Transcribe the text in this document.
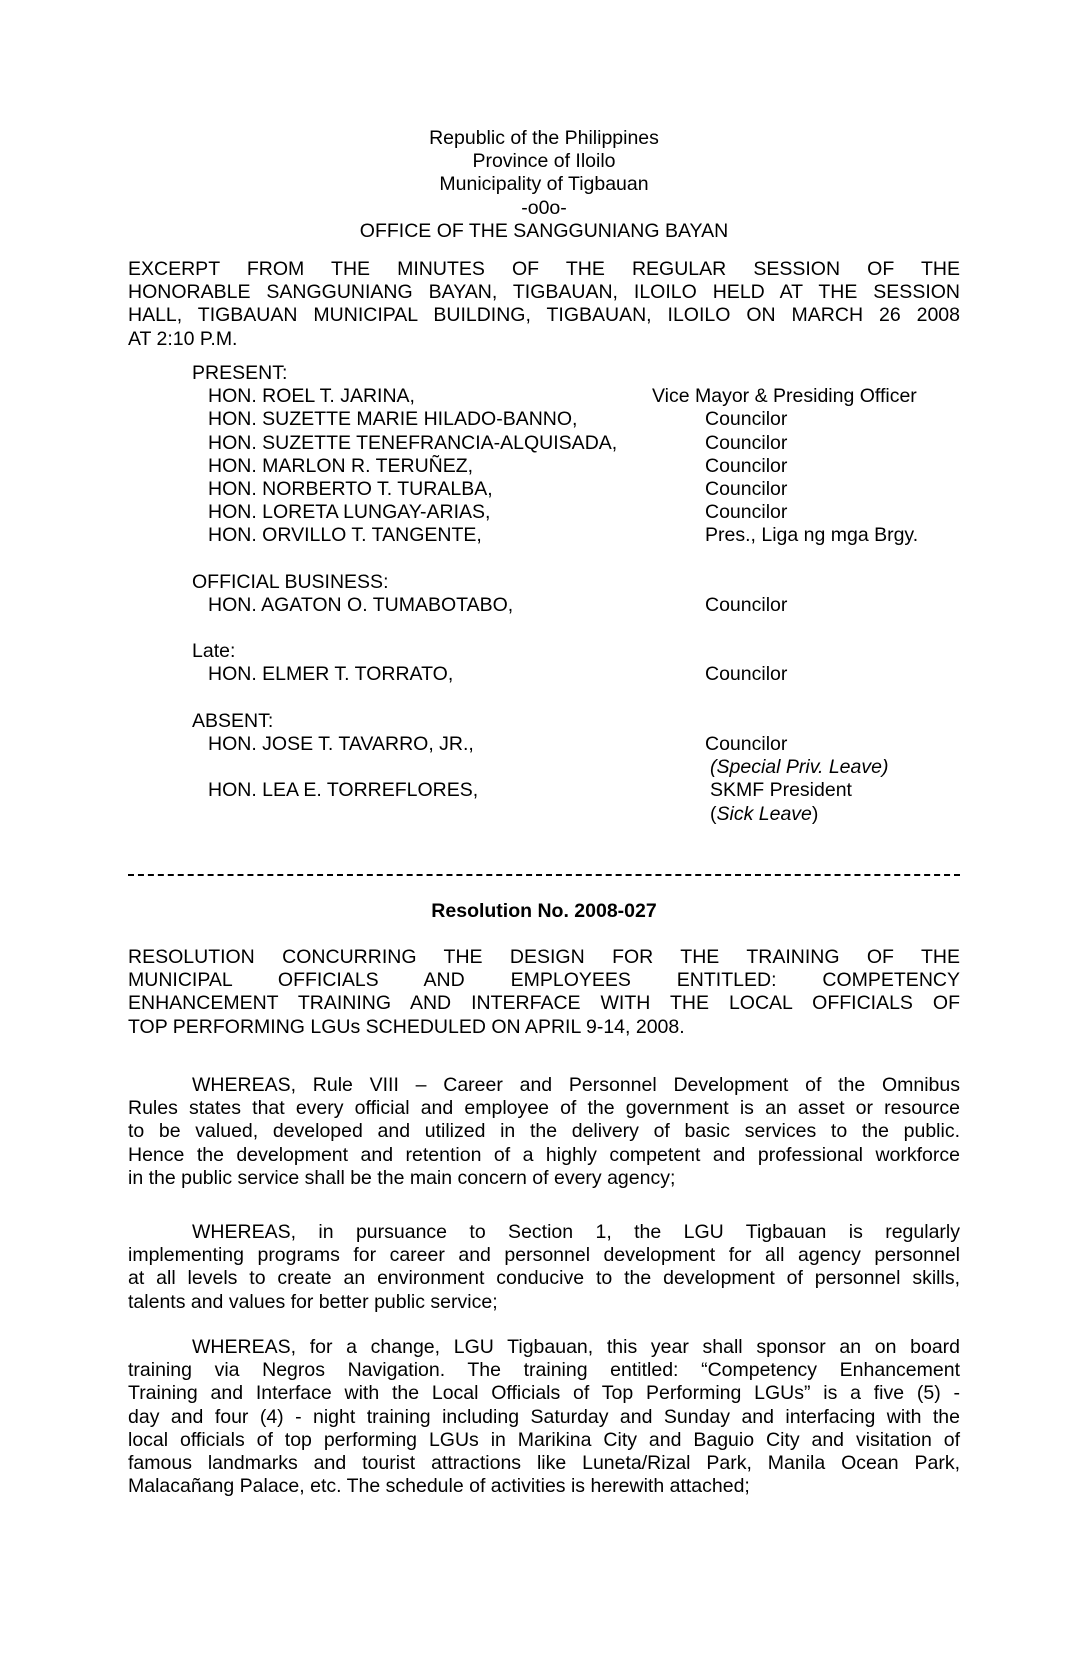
Republic of the Philippines
Province of Iloilo
Municipality of Tigbauan
-o0o-
OFFICE OF THE SANGGUNIANG BAYAN
EXCERPT FROM THE MINUTES OF THE REGULAR SESSION OF THE
HONORABLE SANGGUNIANG BAYAN, TIGBAUAN, ILOILO HELD AT THE SESSION
HALL, TIGBAUAN MUNICIPAL BUILDING, TIGBAUAN, ILOILO ON MARCH 26 2008
AT 2:10 P.M.
PRESENT:
HON. ROEL T. JARINA,	Vice Mayor & Presiding Officer
HON. SUZETTE MARIE HILADO-BANNO,	Councilor
HON. SUZETTE TENEFRANCIA-ALQUISADA,	Councilor
HON. MARLON R. TERUÑEZ,	Councilor
HON. NORBERTO T. TURALBA,	Councilor
HON. LORETA LUNGAY-ARIAS,	Councilor
HON. ORVILLO T. TANGENTE,	Pres., Liga ng mga Brgy.
OFFICIAL BUSINESS:
HON. AGATON O. TUMABOTABO,	Councilor
Late:
HON. ELMER T. TORRATO,	Councilor
ABSENT:
HON. JOSE T. TAVARRO, JR.,	Councilor
(Special Priv. Leave)
HON. LEA E. TORREFLORES,	SKMF President
(Sick Leave)
Resolution No. 2008-027
RESOLUTION CONCURRING THE DESIGN FOR THE TRAINING OF THE
MUNICIPAL OFFICIALS AND EMPLOYEES ENTITLED: COMPETENCY
ENHANCEMENT TRAINING AND INTERFACE WITH THE LOCAL OFFICIALS OF
TOP PERFORMING LGUs SCHEDULED ON APRIL 9-14, 2008.
WHEREAS, Rule VIII – Career and Personnel Development of the Omnibus
Rules states that every official and employee of the government is an asset or resource
to be valued, developed and utilized in the delivery of basic services to the public.
Hence the development and retention of a highly competent and professional workforce
in the public service shall be the main concern of every agency;
WHEREAS, in pursuance to Section 1, the LGU Tigbauan is regularly
implementing programs for career and personnel development for all agency personnel
at all levels to create an environment conducive to the development of personnel skills,
talents and values for better public service;
WHEREAS, for a change, LGU Tigbauan, this year shall sponsor an on board
training via Negros Navigation. The training entitled: “Competency Enhancement
Training and Interface with the Local Officials of Top Performing LGUs” is a five (5) -
day and four (4) - night training including Saturday and Sunday and interfacing with the
local officials of top performing LGUs in Marikina City and Baguio City and visitation of
famous landmarks and tourist attractions like Luneta/Rizal Park, Manila Ocean Park,
Malacañang Palace, etc. The schedule of activities is herewith attached;
